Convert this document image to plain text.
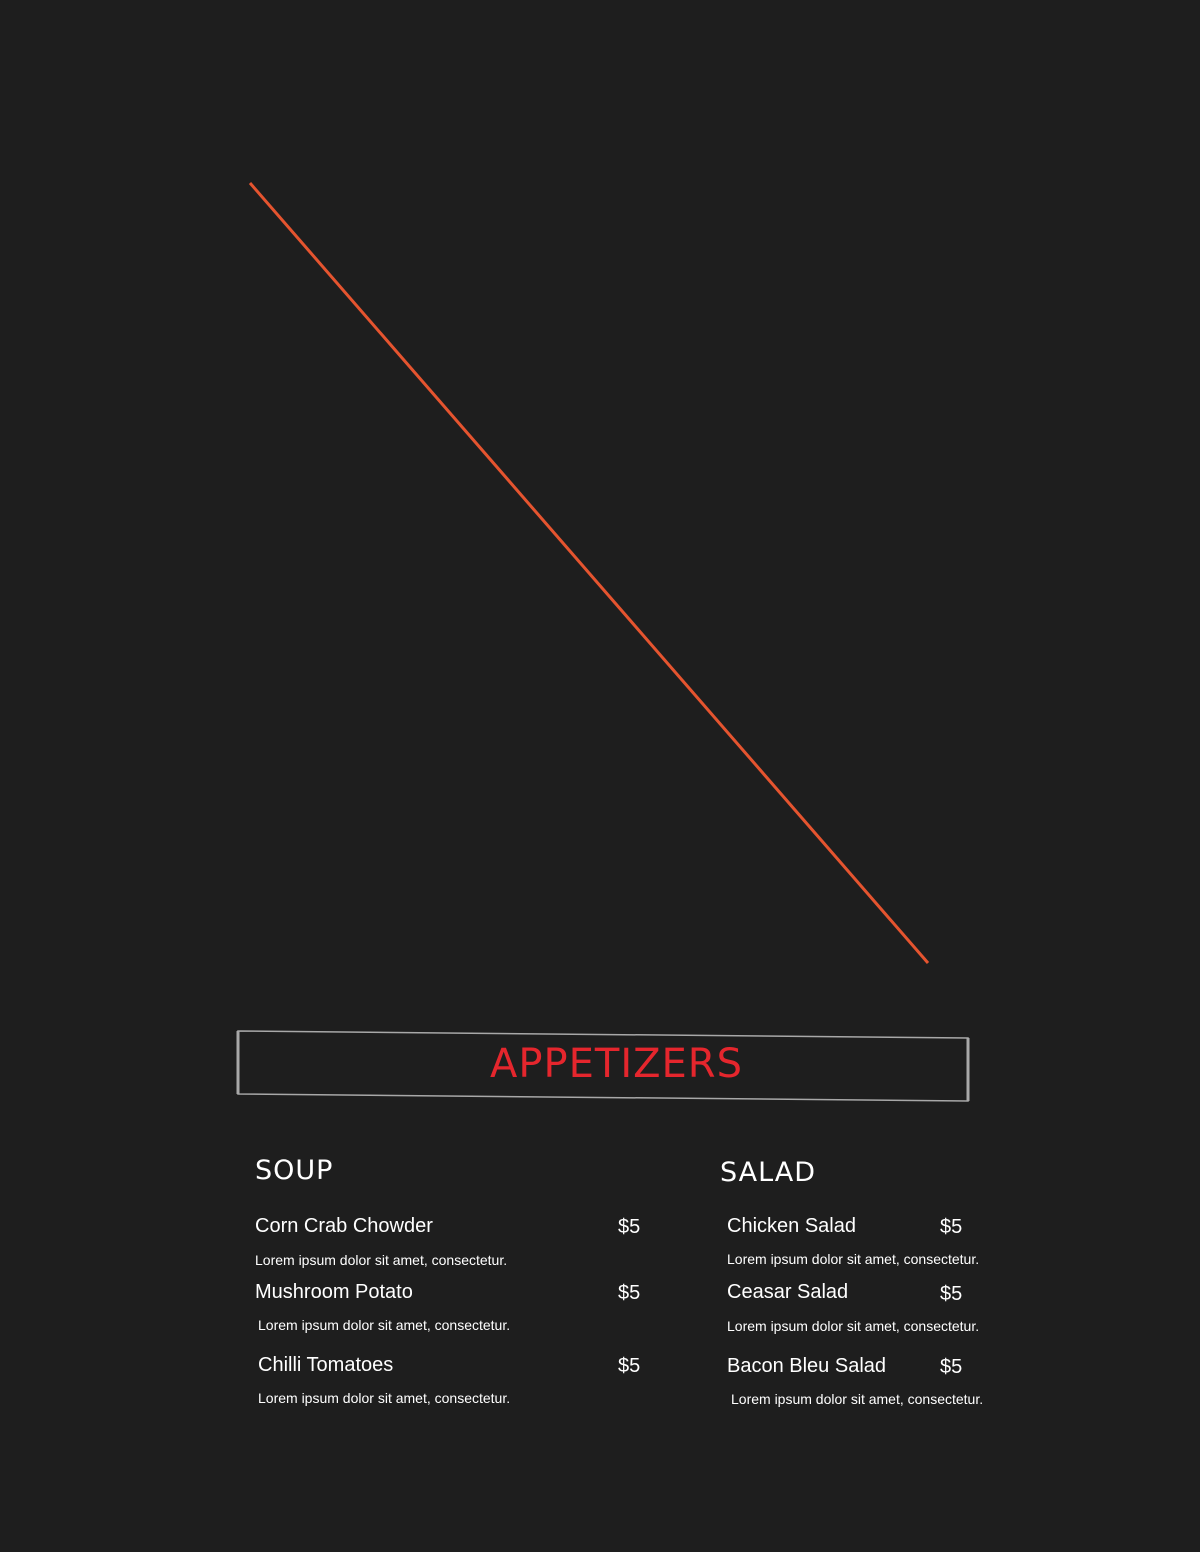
APPETIZERS
SOUP
Corn Crab Chowder	$5
Lorem ipsum dolor sit amet, consectetur.
Mushroom Potato	$5
Lorem ipsum dolor sit amet, consectetur.
Chilli Tomatoes	$5
Lorem ipsum dolor sit amet, consectetur.
SALAD
Chicken Salad	$5
Lorem ipsum dolor sit amet, consectetur.
Ceasar Salad	$5
Lorem ipsum dolor sit amet, consectetur.
Bacon Bleu Salad	$5
Lorem ipsum dolor sit amet, consectetur.
